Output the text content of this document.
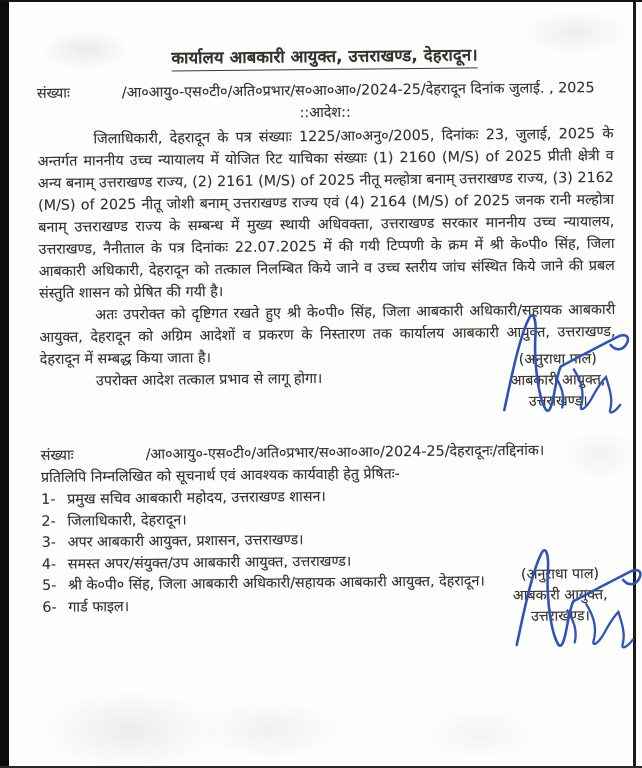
कार्यालय आबकारी आयुक्त, उत्तराखण्ड, देहरादून।
संख्याः	/आ०आयु०-एस०टी०/अति०प्रभार/स०आ०आ०/2024-25/देहरादून दिनांक जुलाई. , 2025
::आदेश::

जिलाधिकारी, देहरादून के पत्र संख्याः 1225/आ०अनु०/2005, दिनांकः 23, जुलाई, 2025 के अन्तर्गत माननीय उच्च न्यायालय में योजित रिट याचिका संख्याः (1) 2160 (M/S) of 2025 प्रीती क्षेत्री व अन्य बनाम् उत्तराखण्ड राज्य, (2) 2161 (M/S) of 2025 नीतू मल्होत्रा बनाम् उत्तराखण्ड राज्य, (3) 2162 (M/S) of 2025 नीतू जोशी बनाम् उत्तराखण्ड राज्य एवं (4) 2164 (M/S) of 2025 जनक रानी मल्होत्रा बनाम् उत्तराखण्ड राज्य के सम्बन्ध में मुख्य स्थायी अधिवक्ता, उत्तराखण्ड सरकार माननीय उच्च न्यायालय, उत्तराखण्ड, नैनीताल के पत्र दिनांकः 22.07.2025 में की गयी टिप्पणी के क्रम में श्री के०पी० सिंह, जिला आबकारी अधिकारी, देहरादून को तत्काल निलम्बित किये जाने व उच्च स्तरीय जांच संस्थित किये जाने की प्रबल संस्तुति शासन को प्रेषित की गयी है।

अतः उपरोक्त को दृष्टिगत रखते हुए श्री के०पी० सिंह, जिला आबकारी अधिकारी/सहायक आबकारी आयुक्त, देहरादून को अग्रिम आदेशों व प्रकरण के निस्तारण तक कार्यालय आबकारी आयुक्त, उत्तराखण्ड, देहरादून में सम्बद्ध किया जाता है।

उपरोक्त आदेश तत्काल प्रभाव से लागू होगा।

(अनुराधा पाल)
आबकारी आयुक्त,
उत्तराखण्ड।
संख्याः	/आ०आयु०-एस०टी०/अति०प्रभार/स०आ०आ०/2024-25/देहरादूनः/तद्दिनांक।
प्रतिलिपि निम्नलिखित को सूचनार्थ एवं आवश्यक कार्यवाही हेतु प्रेषितः-
1- प्रमुख सचिव आबकारी महोदय, उत्तराखण्ड शासन।
2- जिलाधिकारी, देहरादून।
3- अपर आबकारी आयुक्त, प्रशासन, उत्तराखण्ड।
4- समस्त अपर/संयुक्त/उप आबकारी आयुक्त, उत्तराखण्ड।
5- श्री के०पी० सिंह, जिला आबकारी अधिकारी/सहायक आबकारी आयुक्त, देहरादून।
6- गार्ड फाइल।
(अनुराधा पाल)
आबकारी आयुक्त,
उत्तराखण्ड।
